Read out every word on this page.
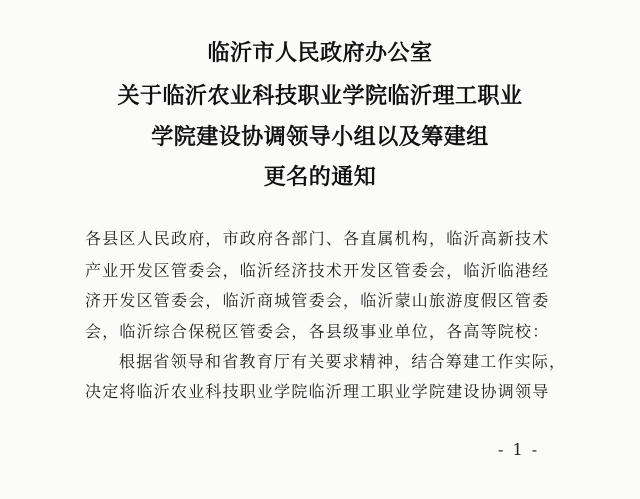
临沂市人民政府办公室
关于临沂农业科技职业学院临沂理工职业
学院建设协调领导小组以及筹建组
更名的通知
各县区人民政府，市政府各部门、各直属机构，临沂高新技术
产业开发区管委会，临沂经济技术开发区管委会，临沂临港经
济开发区管委会，临沂商城管委会，临沂蒙山旅游度假区管委
会，临沂综合保税区管委会，各县级事业单位，各高等院校：
根据省领导和省教育厅有关要求精神，结合筹建工作实际，
决定将临沂农业科技职业学院临沂理工职业学院建设协调领导
- 1 -
